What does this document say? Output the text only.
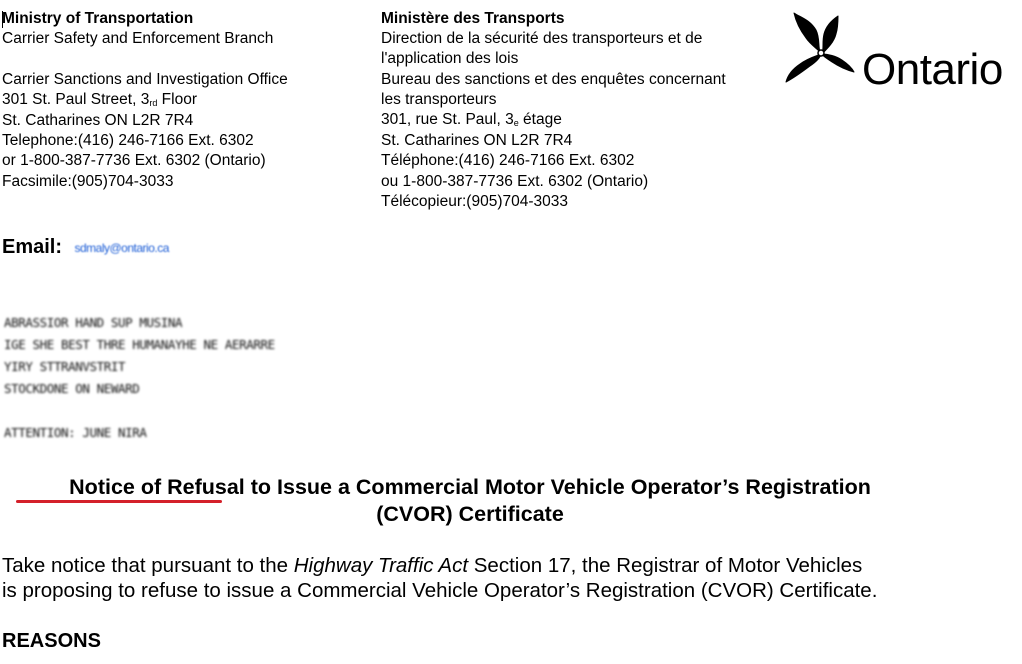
Ministry of Transportation
Carrier Safety and Enforcement Branch
Carrier Sanctions and Investigation Office
301 St. Paul Street, 3rd Floor
St. Catharines ON L2R 7R4
Telephone:(416) 246-7166 Ext. 6302
or 1-800-387-7736 Ext. 6302 (Ontario)
Facsimile:(905)704-3033
Ministère des Transports
Direction de la sécurité des transporteurs et de
l'application des lois
Bureau des sanctions et des enquêtes concernant
les transporteurs
301, rue St. Paul, 3e étage
St. Catharines ON L2R 7R4
Téléphone:(416) 246-7166 Ext. 6302
ou 1-800-387-7736 Ext. 6302 (Ontario)
Télécopieur:(905)704-3033
Ontario
Email: sdmaly@ontario.ca
ABRASSIOR HAND SUP MUSINA
IGE SHE BEST THRE HUMANAYHE NE AERARRE
YIRY STTRANVSTRIT
STOCKDONE ON NEWARD
ATTENTION: JUNE NIRA
Notice of Refusal to Issue a Commercial Motor Vehicle Operator’s Registration
(CVOR) Certificate
Take notice that pursuant to the Highway Traffic Act Section 17, the Registrar of Motor Vehicles
is proposing to refuse to issue a Commercial Vehicle Operator’s Registration (CVOR) Certificate.
REASONS
